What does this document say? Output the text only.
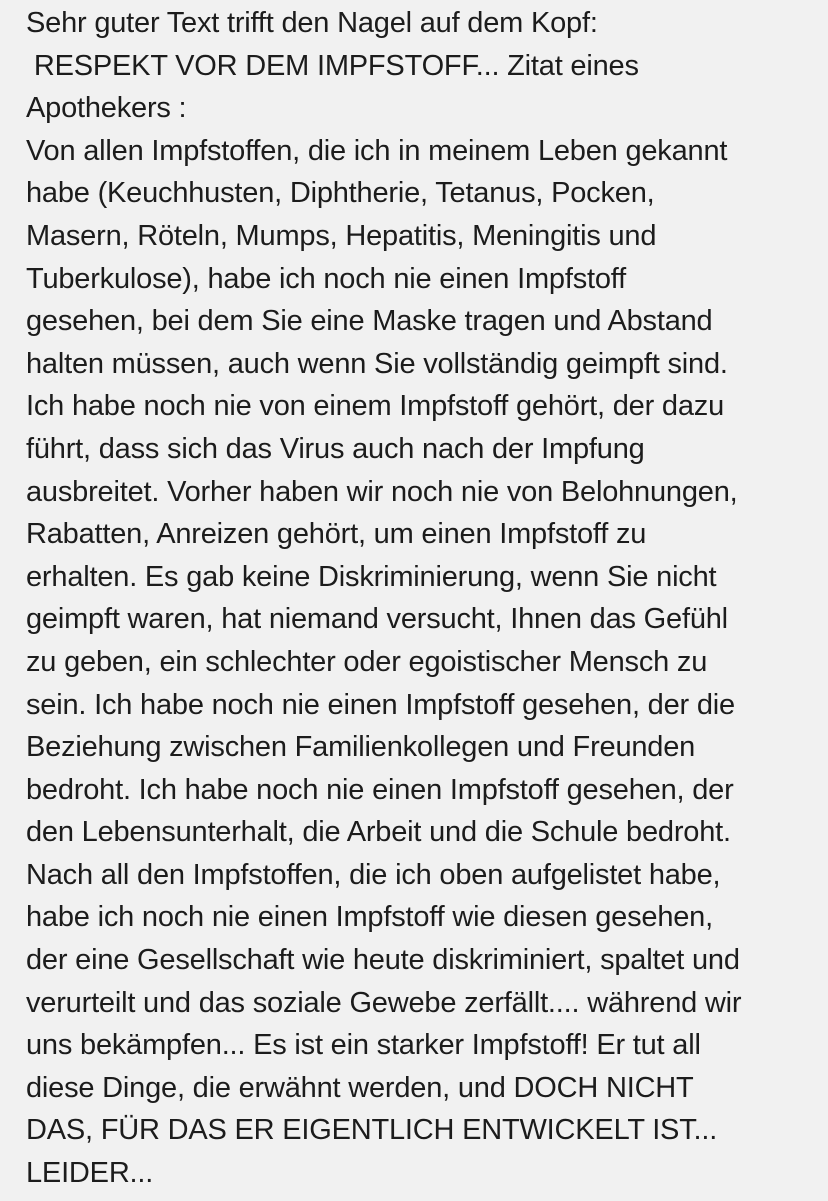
Sehr guter Text trifft den Nagel auf dem Kopf:
RESPEKT VOR DEM IMPFSTOFF... Zitat eines
Apothekers :
Von allen Impfstoffen, die ich in meinem Leben gekannt
habe (Keuchhusten, Diphtherie, Tetanus, Pocken,
Masern, Röteln, Mumps, Hepatitis, Meningitis und
Tuberkulose), habe ich noch nie einen Impfstoff
gesehen, bei dem Sie eine Maske tragen und Abstand
halten müssen, auch wenn Sie vollständig geimpft sind.
Ich habe noch nie von einem Impfstoff gehört, der dazu
führt, dass sich das Virus auch nach der Impfung
ausbreitet. Vorher haben wir noch nie von Belohnungen,
Rabatten, Anreizen gehört, um einen Impfstoff zu
erhalten. Es gab keine Diskriminierung, wenn Sie nicht
geimpft waren, hat niemand versucht, Ihnen das Gefühl
zu geben, ein schlechter oder egoistischer Mensch zu
sein. Ich habe noch nie einen Impfstoff gesehen, der die
Beziehung zwischen Familienkollegen und Freunden
bedroht. Ich habe noch nie einen Impfstoff gesehen, der
den Lebensunterhalt, die Arbeit und die Schule bedroht.
Nach all den Impfstoffen, die ich oben aufgelistet habe,
habe ich noch nie einen Impfstoff wie diesen gesehen,
der eine Gesellschaft wie heute diskriminiert, spaltet und
verurteilt und das soziale Gewebe zerfällt.... während wir
uns bekämpfen... Es ist ein starker Impfstoff! Er tut all
diese Dinge, die erwähnt werden, und DOCH NICHT
DAS, FÜR DAS ER EIGENTLICH ENTWICKELT IST...
LEIDER...
